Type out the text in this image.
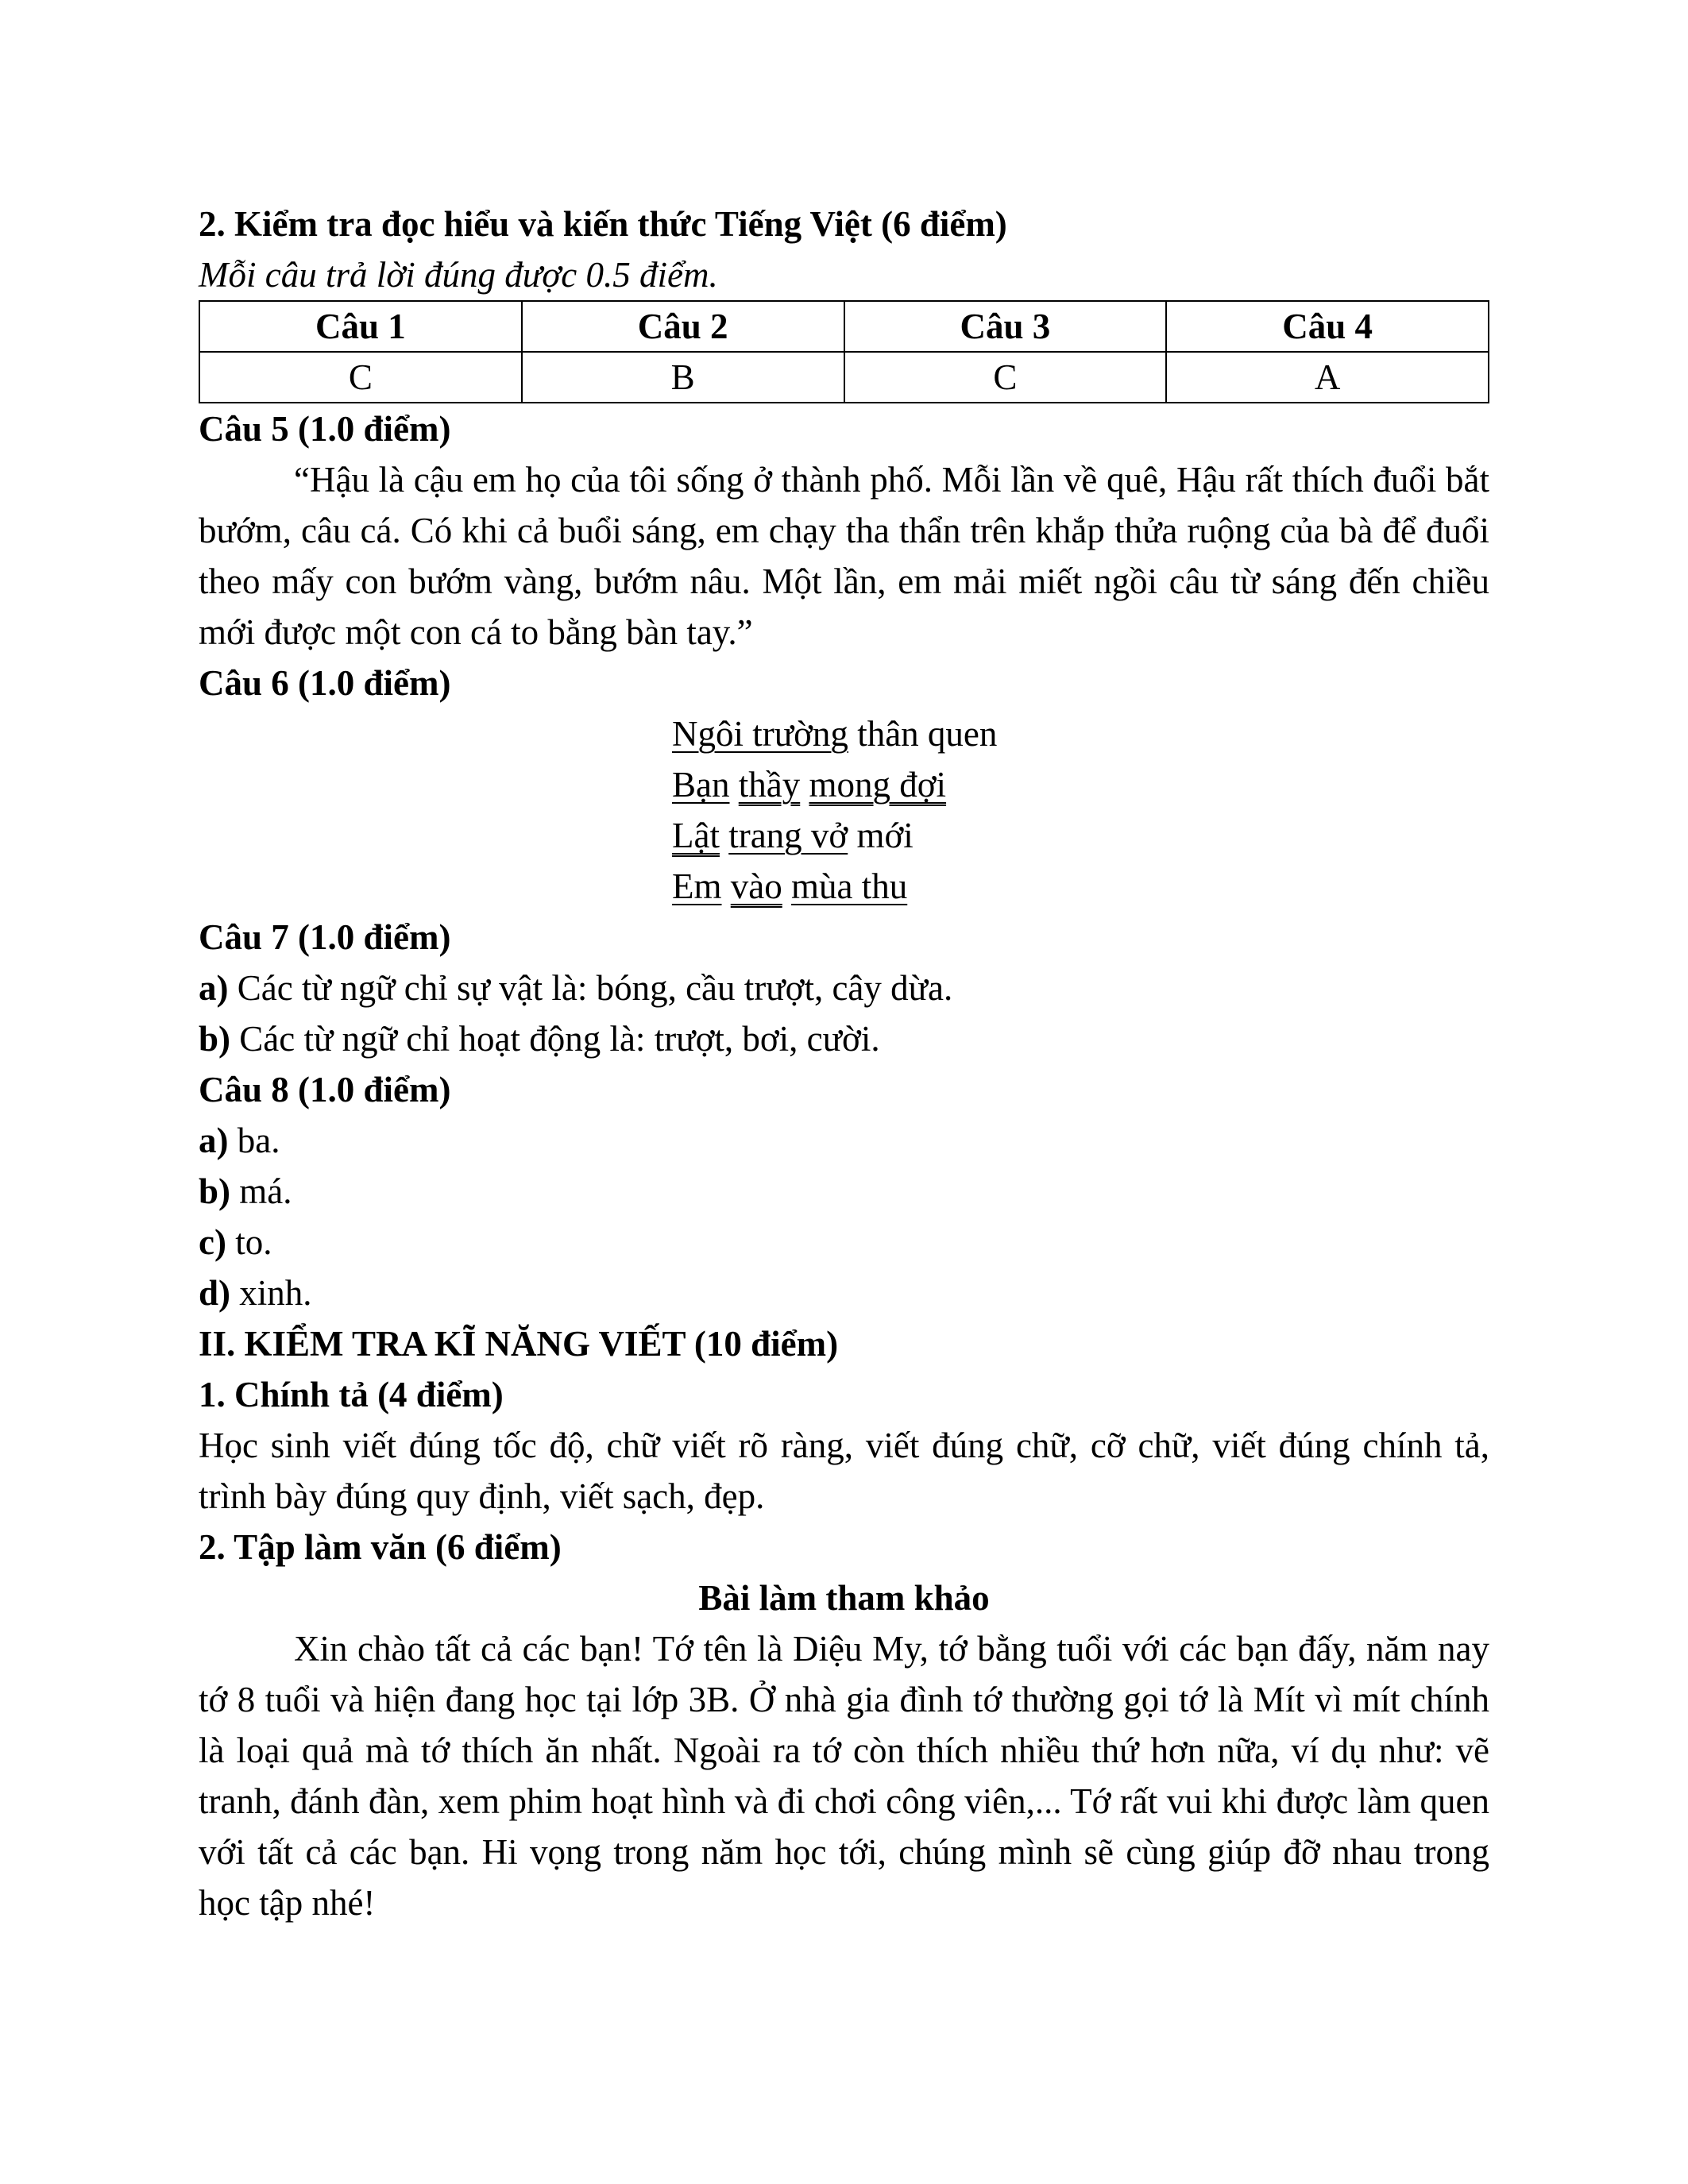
2. Kiểm tra đọc hiểu và kiến thức Tiếng Việt (6 điểm)
Mỗi câu trả lời đúng được 0.5 điểm.
Câu 1	Câu 2	Câu 3	Câu 4
C	B	C	A
Câu 5 (1.0 điểm)
“Hậu là cậu em họ của tôi sống ở thành phố. Mỗi lần về quê, Hậu rất thích đuổi bắt bướm, câu cá. Có khi cả buổi sáng, em chạy tha thẩn trên khắp thửa ruộng của bà để đuổi theo mấy con bướm vàng, bướm nâu. Một lần, em mải miết ngồi câu từ sáng đến chiều mới được một con cá to bằng bàn tay.”
Câu 6 (1.0 điểm)
Ngôi trường thân quen
Bạn thầy mong đợi
Lật trang vở mới
Em vào mùa thu
Câu 7 (1.0 điểm)
a) Các từ ngữ chỉ sự vật là: bóng, cầu trượt, cây dừa.
b) Các từ ngữ chỉ hoạt động là: trượt, bơi, cười.
Câu 8 (1.0 điểm)
a) ba.
b) má.
c) to.
d) xinh.
II. KIỂM TRA KĨ NĂNG VIẾT (10 điểm)
1. Chính tả (4 điểm)
Học sinh viết đúng tốc độ, chữ viết rõ ràng, viết đúng chữ, cỡ chữ, viết đúng chính tả, trình bày đúng quy định, viết sạch, đẹp.
2. Tập làm văn (6 điểm)
Bài làm tham khảo
Xin chào tất cả các bạn! Tớ tên là Diệu My, tớ bằng tuổi với các bạn đấy, năm nay tớ 8 tuổi và hiện đang học tại lớp 3B. Ở nhà gia đình tớ thường gọi tớ là Mít vì mít chính là loại quả mà tớ thích ăn nhất. Ngoài ra tớ còn thích nhiều thứ hơn nữa, ví dụ như: vẽ tranh, đánh đàn, xem phim hoạt hình và đi chơi công viên,... Tớ rất vui khi được làm quen với tất cả các bạn. Hi vọng trong năm học tới, chúng mình sẽ cùng giúp đỡ nhau trong học tập nhé!
